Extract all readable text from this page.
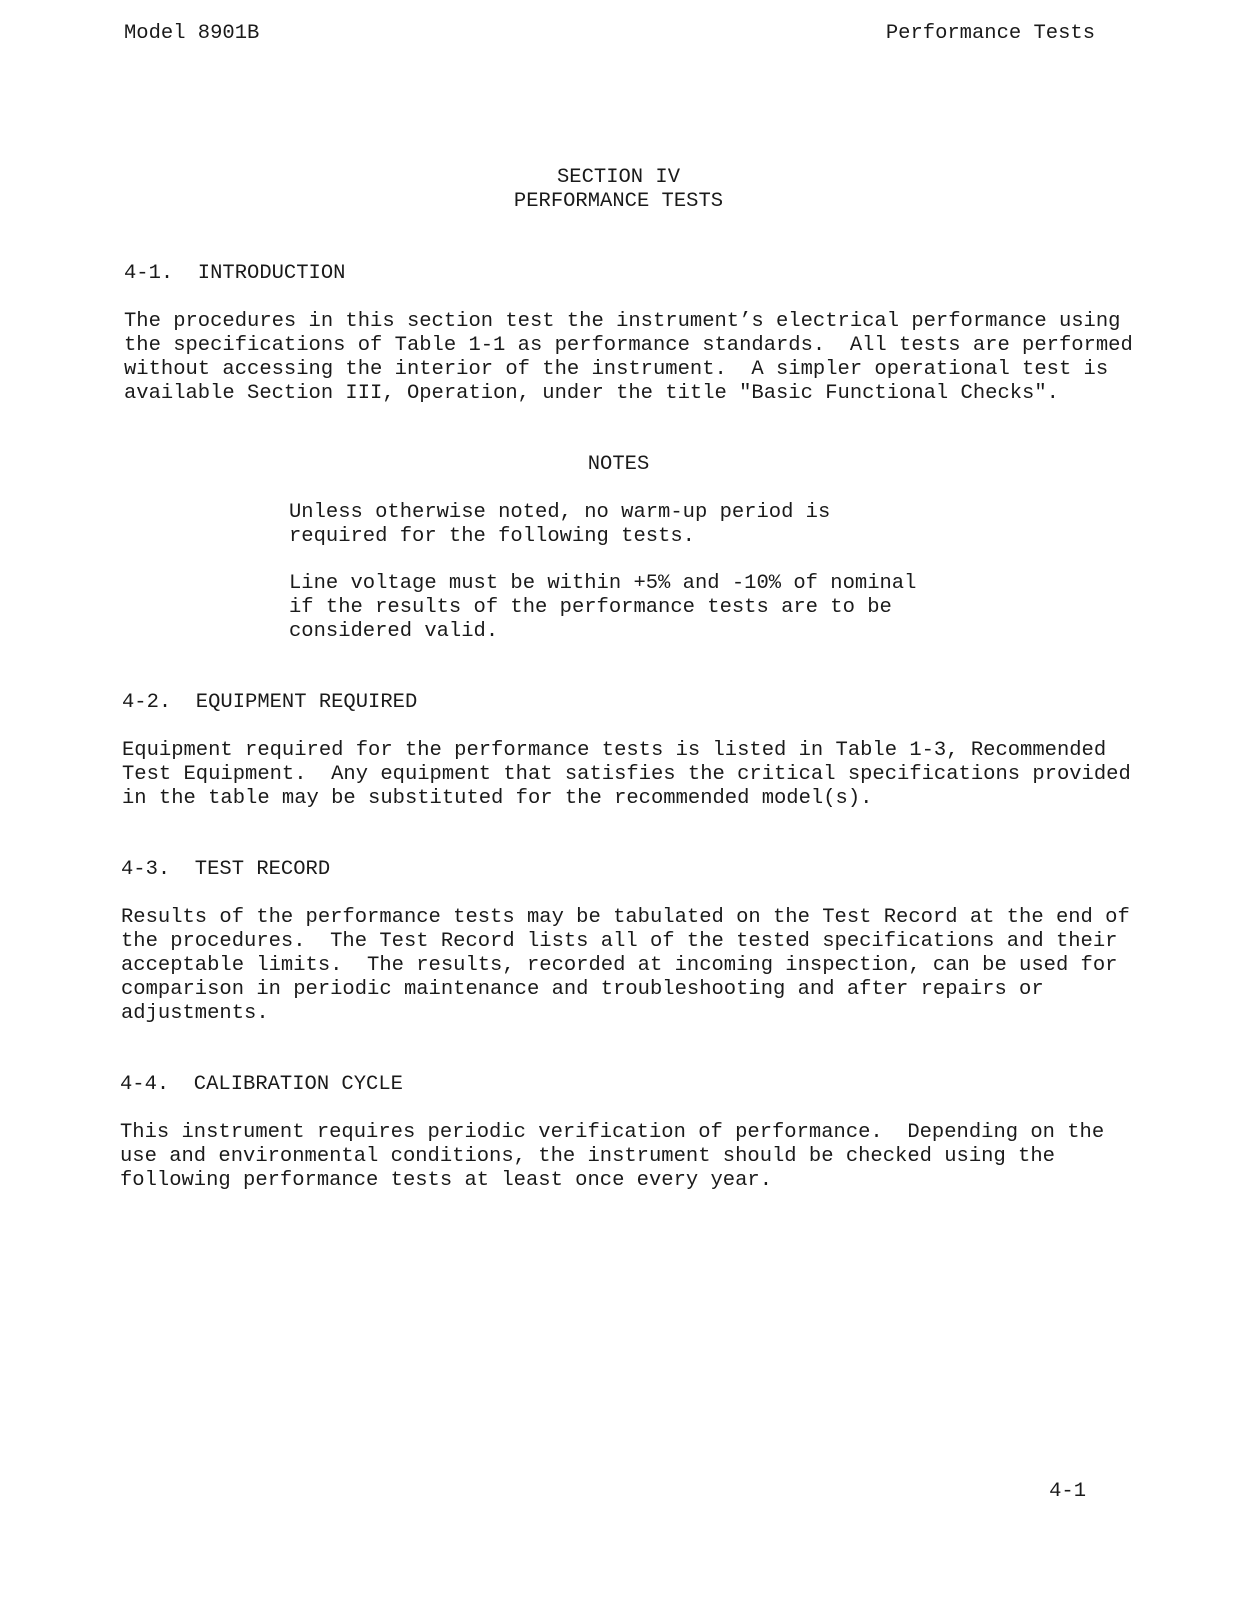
Model 8901B	Performance Tests
SECTION IV
PERFORMANCE TESTS
4-1.  INTRODUCTION
The procedures in this section test the instrument’s electrical performance using
the specifications of Table 1-1 as performance standards.  All tests are performed
without accessing the interior of the instrument.  A simpler operational test is
available Section III, Operation, under the title "Basic Functional Checks".
NOTES
Unless otherwise noted, no warm-up period is
required for the following tests.
Line voltage must be within +5% and -10% of nominal
if the results of the performance tests are to be
considered valid.
4-2.  EQUIPMENT REQUIRED
Equipment required for the performance tests is listed in Table 1-3, Recommended
Test Equipment.  Any equipment that satisfies the critical specifications provided
in the table may be substituted for the recommended model(s).
4-3.  TEST RECORD
Results of the performance tests may be tabulated on the Test Record at the end of
the procedures.  The Test Record lists all of the tested specifications and their
acceptable limits.  The results, recorded at incoming inspection, can be used for
comparison in periodic maintenance and troubleshooting and after repairs or
adjustments.
4-4.  CALIBRATION CYCLE
This instrument requires periodic verification of performance.  Depending on the
use and environmental conditions, the instrument should be checked using the
following performance tests at least once every year.
4-1
